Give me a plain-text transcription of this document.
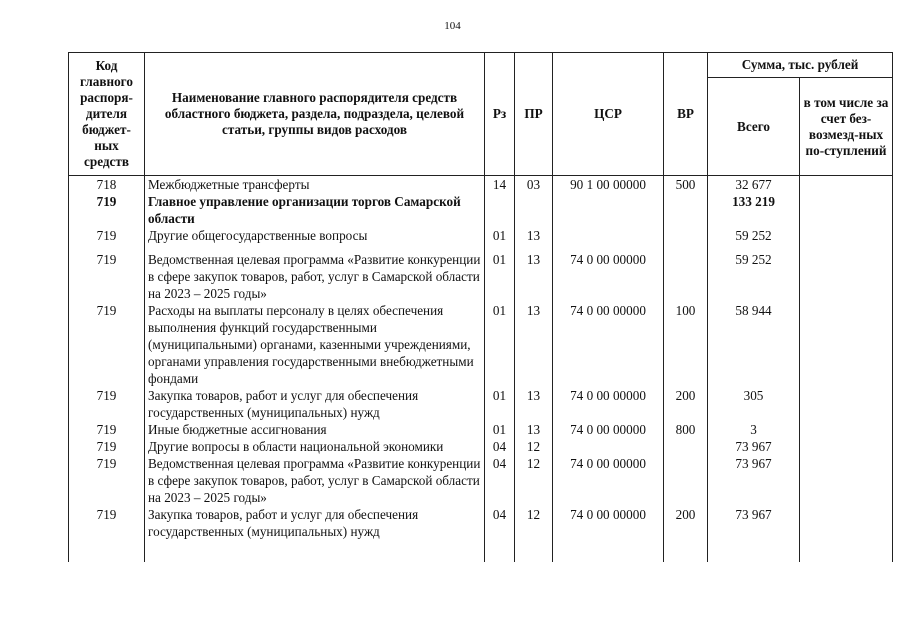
104
Код главного распоря-дителя бюджет-ных средств	Наименование главного распорядителя средств областного бюджета, раздела, подраздела, целевой статьи, группы видов расходов	Рз	ПР	ЦСР	ВР	Сумма, тыс. рублей	
						Всего	в том числе за счет без-возмезд-ных по-ступлений
718	Межбюджетные трансферты	14	03	90 1 00 00000	500	32 677	
719	Главное управление организации торгов Самарской области					133 219	
719	Другие общегосударственные вопросы	01	13			59 252	
719	Ведомственная целевая программа «Развитие конкуренции в сфере закупок товаров, работ, услуг в Самарской области на 2023 – 2025 годы»	01	13	74 0 00 00000		59 252	
719	Расходы на выплаты персоналу в целях обеспечения выполнения функций государственными (муниципальными) органами, казенными учреждениями, органами управления государственными внебюджетными фондами	01	13	74 0 00 00000	100	58 944	
719	Закупка товаров, работ и услуг для обеспечения государственных (муниципальных) нужд	01	13	74 0 00 00000	200	305	
719	Иные бюджетные ассигнования	01	13	74 0 00 00000	800	3	
719	Другие вопросы в области национальной экономики	04	12			73 967	
719	Ведомственная целевая программа «Развитие конкуренции в сфере закупок товаров, работ, услуг в Самарской области на 2023 – 2025 годы»	04	12	74 0 00 00000		73 967	
719	Закупка товаров, работ и услуг для обеспечения государственных (муниципальных) нужд	04	12	74 0 00 00000	200	73 967	
